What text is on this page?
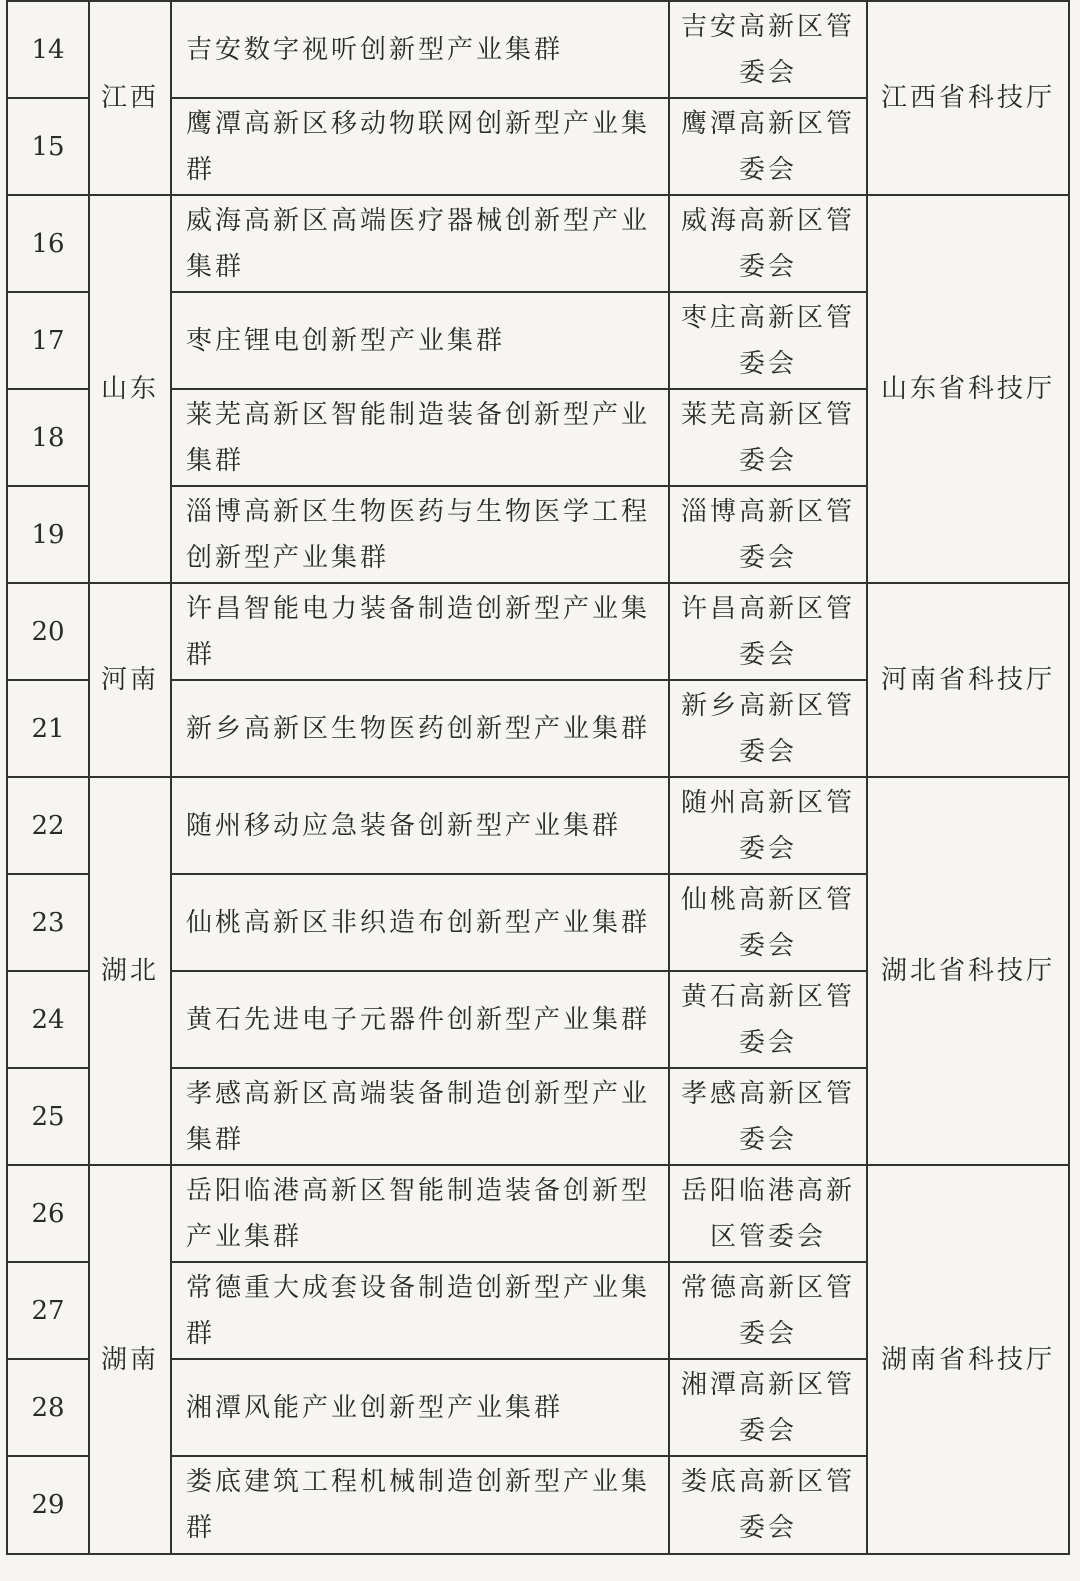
14	江西	吉安数字视听创新型产业集群	吉安高新区管委会	江西省科技厅
15		鹰潭高新区移动物联网创新型产业集群	鹰潭高新区管委会	
16	山东	威海高新区高端医疗器械创新型产业集群	威海高新区管委会	山东省科技厅
17		枣庄锂电创新型产业集群	枣庄高新区管委会	
18		莱芜高新区智能制造装备创新型产业集群	莱芜高新区管委会	
19		淄博高新区生物医药与生物医学工程创新型产业集群	淄博高新区管委会	
20	河南	许昌智能电力装备制造创新型产业集群	许昌高新区管委会	河南省科技厅
21		新乡高新区生物医药创新型产业集群	新乡高新区管委会	
22	湖北	随州移动应急装备创新型产业集群	随州高新区管委会	湖北省科技厅
23		仙桃高新区非织造布创新型产业集群	仙桃高新区管委会	
24		黄石先进电子元器件创新型产业集群	黄石高新区管委会	
25		孝感高新区高端装备制造创新型产业集群	孝感高新区管委会	
26	湖南	岳阳临港高新区智能制造装备创新型产业集群	岳阳临港高新区管委会	湖南省科技厅
27		常德重大成套设备制造创新型产业集群	常德高新区管委会	
28		湘潭风能产业创新型产业集群	湘潭高新区管委会	
29		娄底建筑工程机械制造创新型产业集群	娄底高新区管委会	
